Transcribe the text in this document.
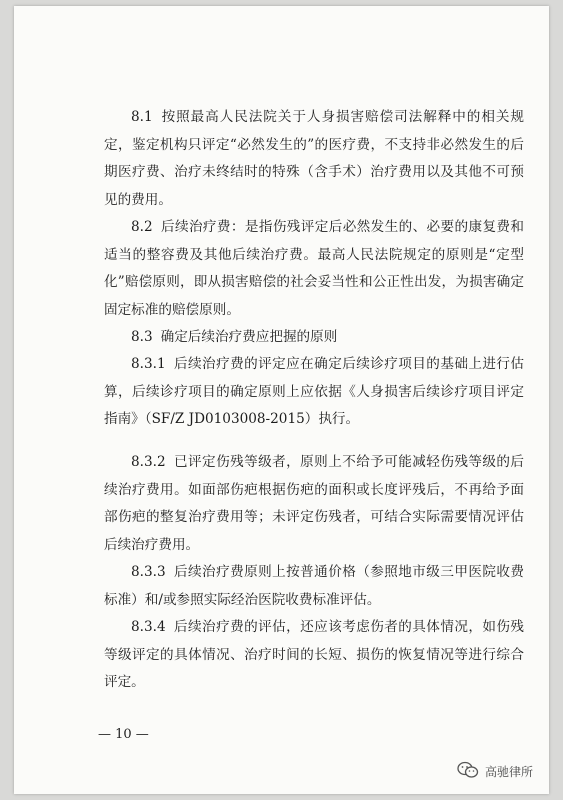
8.1 按照最高人民法院关于人身损害赔偿司法解释中的相关规定，鉴定机构只评定“必然发生的”的医疗费，不支持非必然发生的后期医疗费、治疗未终结时的特殊（含手术）治疗费用以及其他不可预见的费用。

8.2 后续治疗费：是指伤残评定后必然发生的、必要的康复费和适当的整容费及其他后续治疗费。最高人民法院规定的原则是“定型化”赔偿原则，即从损害赔偿的社会妥当性和公正性出发，为损害确定固定标准的赔偿原则。

8.3 确定后续治疗费应把握的原则

8.3.1 后续治疗费的评定应在确定后续诊疗项目的基础上进行估算，后续诊疗项目的确定原则上应依据《人身损害后续诊疗项目评定指南》（SF/Z JD0103008-2015）执行。

8.3.2 已评定伤残等级者，原则上不给予可能减轻伤残等级的后续治疗费用。如面部伤疤根据伤疤的面积或长度评残后，不再给予面部伤疤的整复治疗费用等；未评定伤残者，可结合实际需要情况评估后续治疗费用。

8.3.3 后续治疗费原则上按普通价格（参照地市级三甲医院收费标准）和/或参照实际经治医院收费标准评估。

8.3.4 后续治疗费的评估，还应该考虑伤者的具体情况，如伤残等级评定的具体情况、治疗时间的长短、损伤的恢复情况等进行综合评定。

— 10 —
高驰律所
